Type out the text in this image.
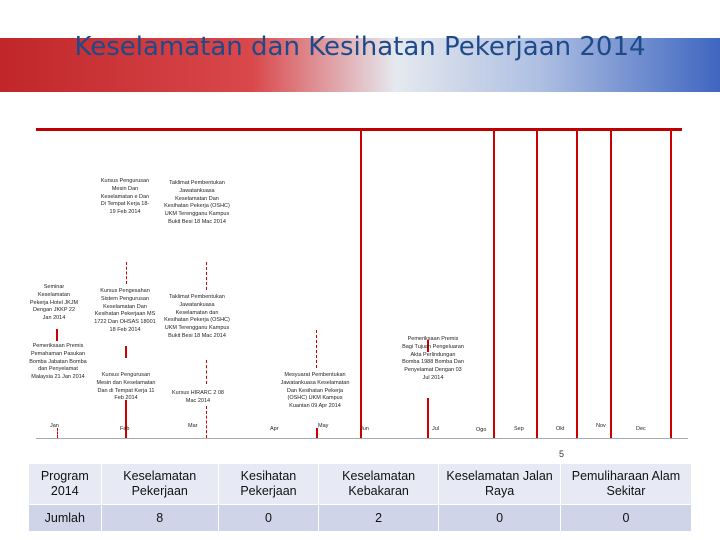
Keselamatan dan Kesihatan Pekerjaan 2014
Kursus Pengurusan Mesin Dan Keselamatan e Dan Di Tempat Kerja 18-19 Feb 2014
Seminar Keselamatan Pekerja Hotel JKJM Dengan JKKP 22 Jan 2014
Pemeriksaan Premis Pemahaman Pasukan Bomba Jabatan Bomba dan Penyelamat Malaysia 21 Jan 2014
Kursus Pengesahan Sistem Pengurusan Keselamatan Dan Kesihatan Pekerjaan MS 1722 Dan OHSAS 18001 18 Feb 2014
Kursus Pengurusan Mesin dan Keselamatan Dan di Tempat Kerja 11 Feb 2014
Taklimat Pembentukan Jawatankuasa Keselamatan Dan Kesihatan Pekerja (OSHC) UKM Terengganu Kampus Bukit Besi 18 Mac 2014
Taklimat Pembentukan Jawatankuasa Keselamatan dan Kesihatan Pekerja (OSHC) UKM Terengganu Kampus Bukit Besi 18 Mac 2014
Kursus HIRARC 2 08 Mac 2014
Mesyuarat Pembentukan Jawatankuasa Keselamatan Dan Kesihatan Pekerja (OSHC) UKM Kampus Kuantan 09 Apr 2014
Pemeriksaan Premis Bagi Tujuan Pengeluaran Akta Perlindungan Bomba 1988 Bomba Dan Penyelamat Dengan 03 Jul 2014
Jan	Feb	Mar	Apr	May	Jun	Jul	Ogo	Sep	Okt	Nov	Dec
5
Program 2014	Keselamatan Pekerjaan	Kesihatan Pekerjaan	Keselamatan Kebakaran	Keselamatan Jalan Raya	Pemuliharaan Alam Sekitar
Jumlah	8	0	2	0	0
